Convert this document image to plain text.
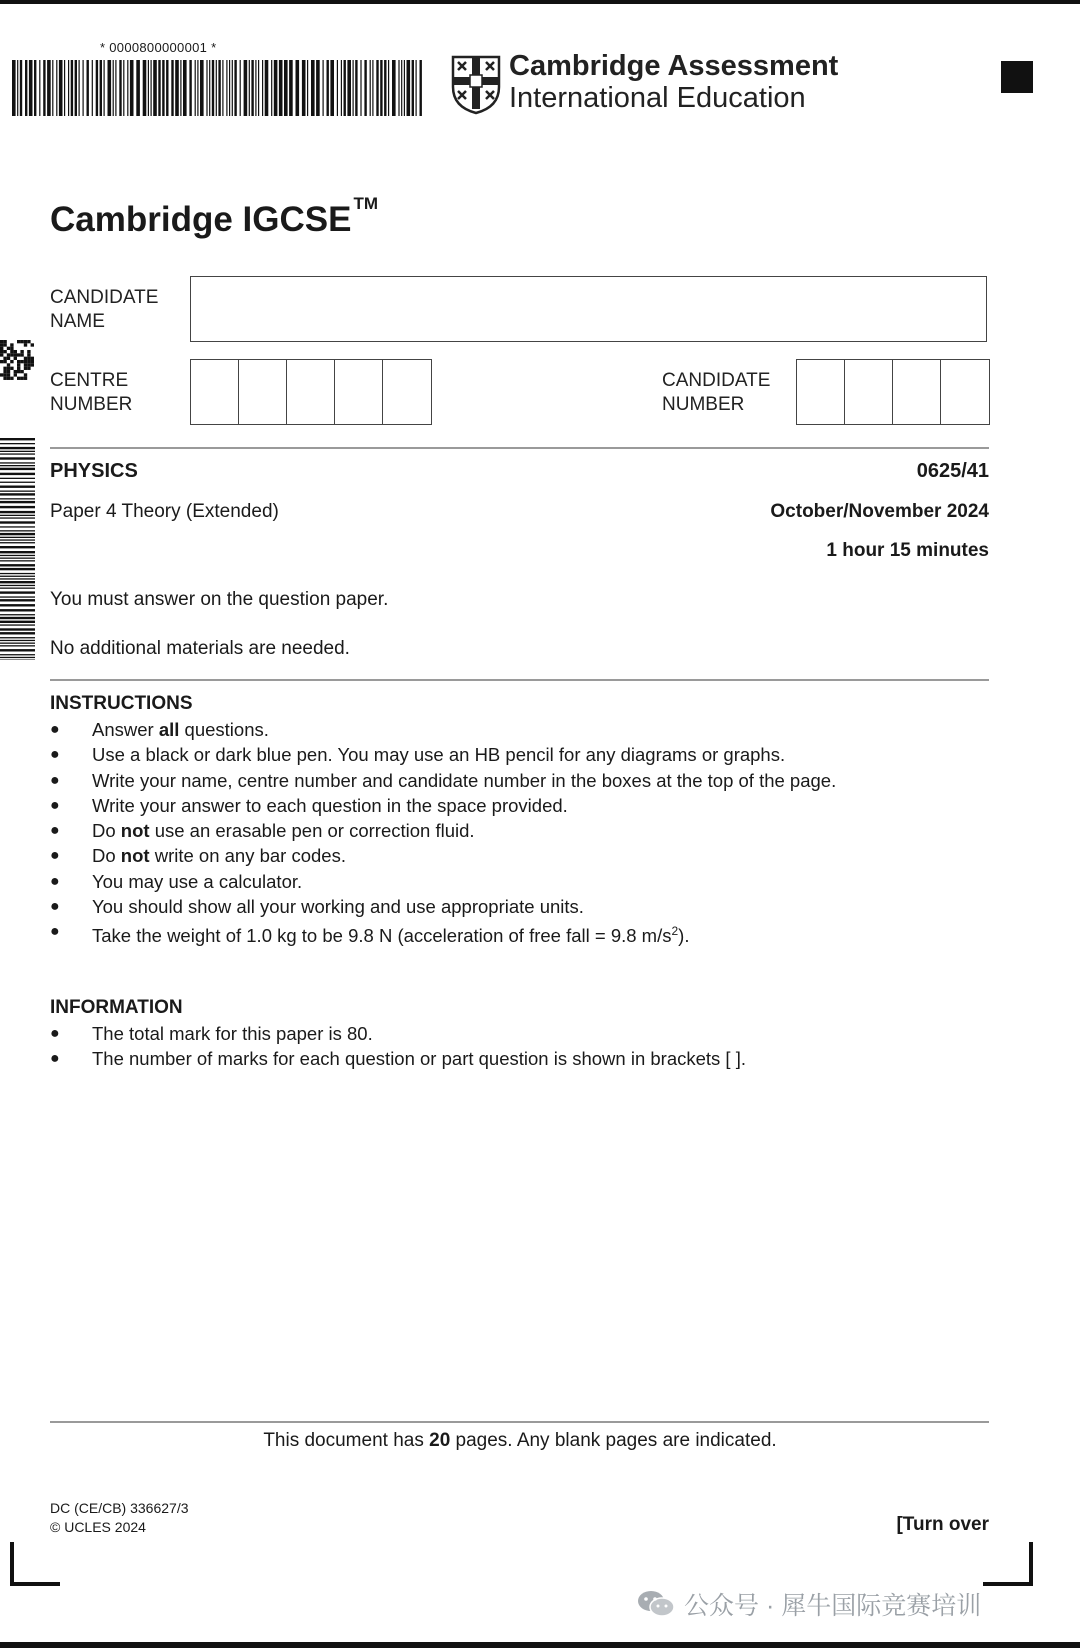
* 0000800000001 *
Cambridge Assessment
International Education
Cambridge IGCSE ™
CANDIDATE NAME
CENTRE NUMBER
CANDIDATE NUMBER
PHYSICS	0625/41
Paper 4 Theory (Extended)	October/November 2024
1 hour 15 minutes
You must answer on the question paper.
No additional materials are needed.
INSTRUCTIONS
● Answer all questions.
● Use a black or dark blue pen. You may use an HB pencil for any diagrams or graphs.
● Write your name, centre number and candidate number in the boxes at the top of the page.
● Write your answer to each question in the space provided.
● Do not use an erasable pen or correction fluid.
● Do not write on any bar codes.
● You may use a calculator.
● You should show all your working and use appropriate units.
● Take the weight of 1.0 kg to be 9.8 N (acceleration of free fall = 9.8 $m/s^2$).
INFORMATION
● The total mark for this paper is 80.
● The number of marks for each question or part question is shown in brackets [ ].
This document has 20 pages. Any blank pages are indicated.
DC (CE/CB) 336627/3
© UCLES 2024	[Turn over
公众号 · 犀牛国际竞赛培训
